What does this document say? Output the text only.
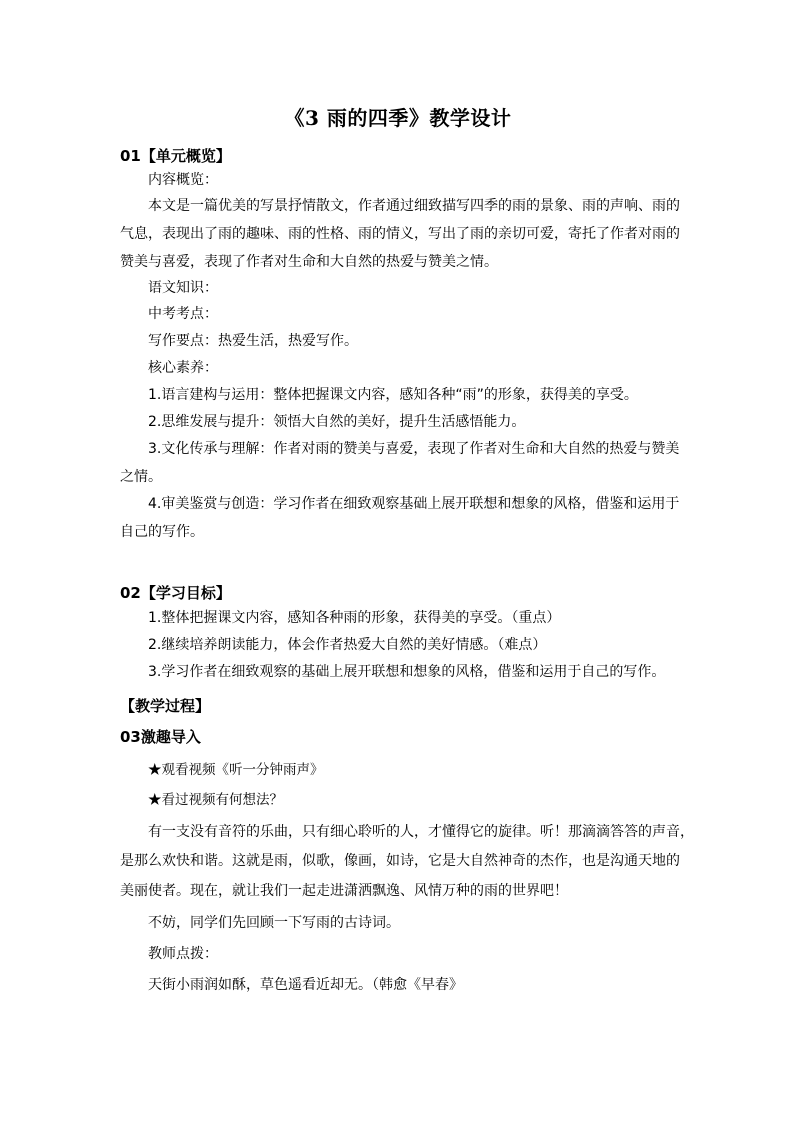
《3 雨的四季》教学设计
01【单元概览】
内容概览：
本文是一篇优美的写景抒情散文，作者通过细致描写四季的雨的景象、雨的声响、雨的
气息，表现出了雨的趣味、雨的性格、雨的情义，写出了雨的亲切可爱，寄托了作者对雨的
赞美与喜爱，表现了作者对生命和大自然的热爱与赞美之情。
语文知识：
中考考点：
写作要点：热爱生活，热爱写作。
核心素养：
1.语言建构与运用：整体把握课文内容，感知各种“雨”的形象，获得美的享受。
2.思维发展与提升：领悟大自然的美好，提升生活感悟能力。
3.文化传承与理解：作者对雨的赞美与喜爱，表现了作者对生命和大自然的热爱与赞美
之情。
4.审美鉴赏与创造：学习作者在细致观察基础上展开联想和想象的风格，借鉴和运用于
自己的写作。
02【学习目标】
1.整体把握课文内容，感知各种雨的形象，获得美的享受。（重点）
2.继续培养朗读能力，体会作者热爱大自然的美好情感。（难点）
3.学习作者在细致观察的基础上展开联想和想象的风格，借鉴和运用于自己的写作。
【教学过程】
03激趣导入
★观看视频《听一分钟雨声》
★看过视频有何想法？
有一支没有音符的乐曲，只有细心聆听的人，才懂得它的旋律。听！那滴滴答答的声音，
是那么欢快和谐。这就是雨，似歌，像画，如诗，它是大自然神奇的杰作，也是沟通天地的
美丽使者。现在，就让我们一起走进潇洒飘逸、风情万种的雨的世界吧！
不妨，同学们先回顾一下写雨的古诗词。
教师点拨：
天街小雨润如酥，草色遥看近却无。（韩愈《早春》
